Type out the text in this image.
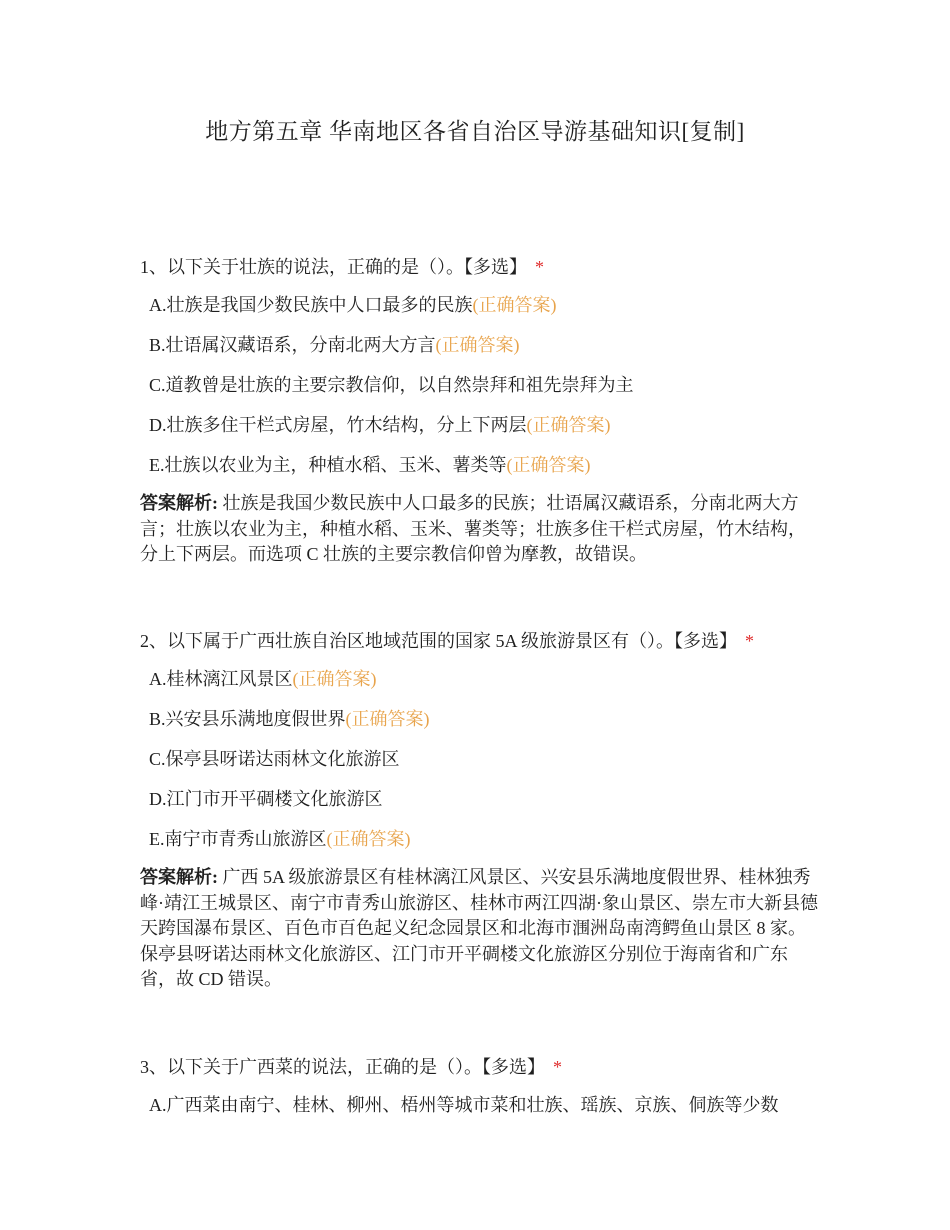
地方第五章 华南地区各省自治区导游基础知识[复制]
1、以下关于壮族的说法，正确的是（）。【多选】 *
A.壮族是我国少数民族中人口最多的民族(正确答案)
B.壮语属汉藏语系，分南北两大方言(正确答案)
C.道教曾是壮族的主要宗教信仰，以自然崇拜和祖先崇拜为主
D.壮族多住干栏式房屋，竹木结构，分上下两层(正确答案)
E.壮族以农业为主，种植水稻、玉米、薯类等(正确答案)
答案解析: 壮族是我国少数民族中人口最多的民族；壮语属汉藏语系，分南北两大方言；壮族以农业为主，种植水稻、玉米、薯类等；壮族多住干栏式房屋，竹木结构，分上下两层。而选项 C 壮族的主要宗教信仰曾为摩教，故错误。
2、以下属于广西壮族自治区地域范围的国家 5A 级旅游景区有（）。【多选】 *
A.桂林漓江风景区(正确答案)
B.兴安县乐满地度假世界(正确答案)
C.保亭县呀诺达雨林文化旅游区
D.江门市开平碉楼文化旅游区
E.南宁市青秀山旅游区(正确答案)
答案解析: 广西 5A 级旅游景区有桂林漓江风景区、兴安县乐满地度假世界、桂林独秀峰·靖江王城景区、南宁市青秀山旅游区、桂林市两江四湖·象山景区、崇左市大新县德天跨国瀑布景区、百色市百色起义纪念园景区和北海市涠洲岛南湾鳄鱼山景区 8 家。保亭县呀诺达雨林文化旅游区、江门市开平碉楼文化旅游区分别位于海南省和广东省，故 CD 错误。
3、以下关于广西菜的说法，正确的是（）。【多选】 *
A.广西菜由南宁、桂林、柳州、梧州等城市菜和壮族、瑶族、京族、侗族等少数
